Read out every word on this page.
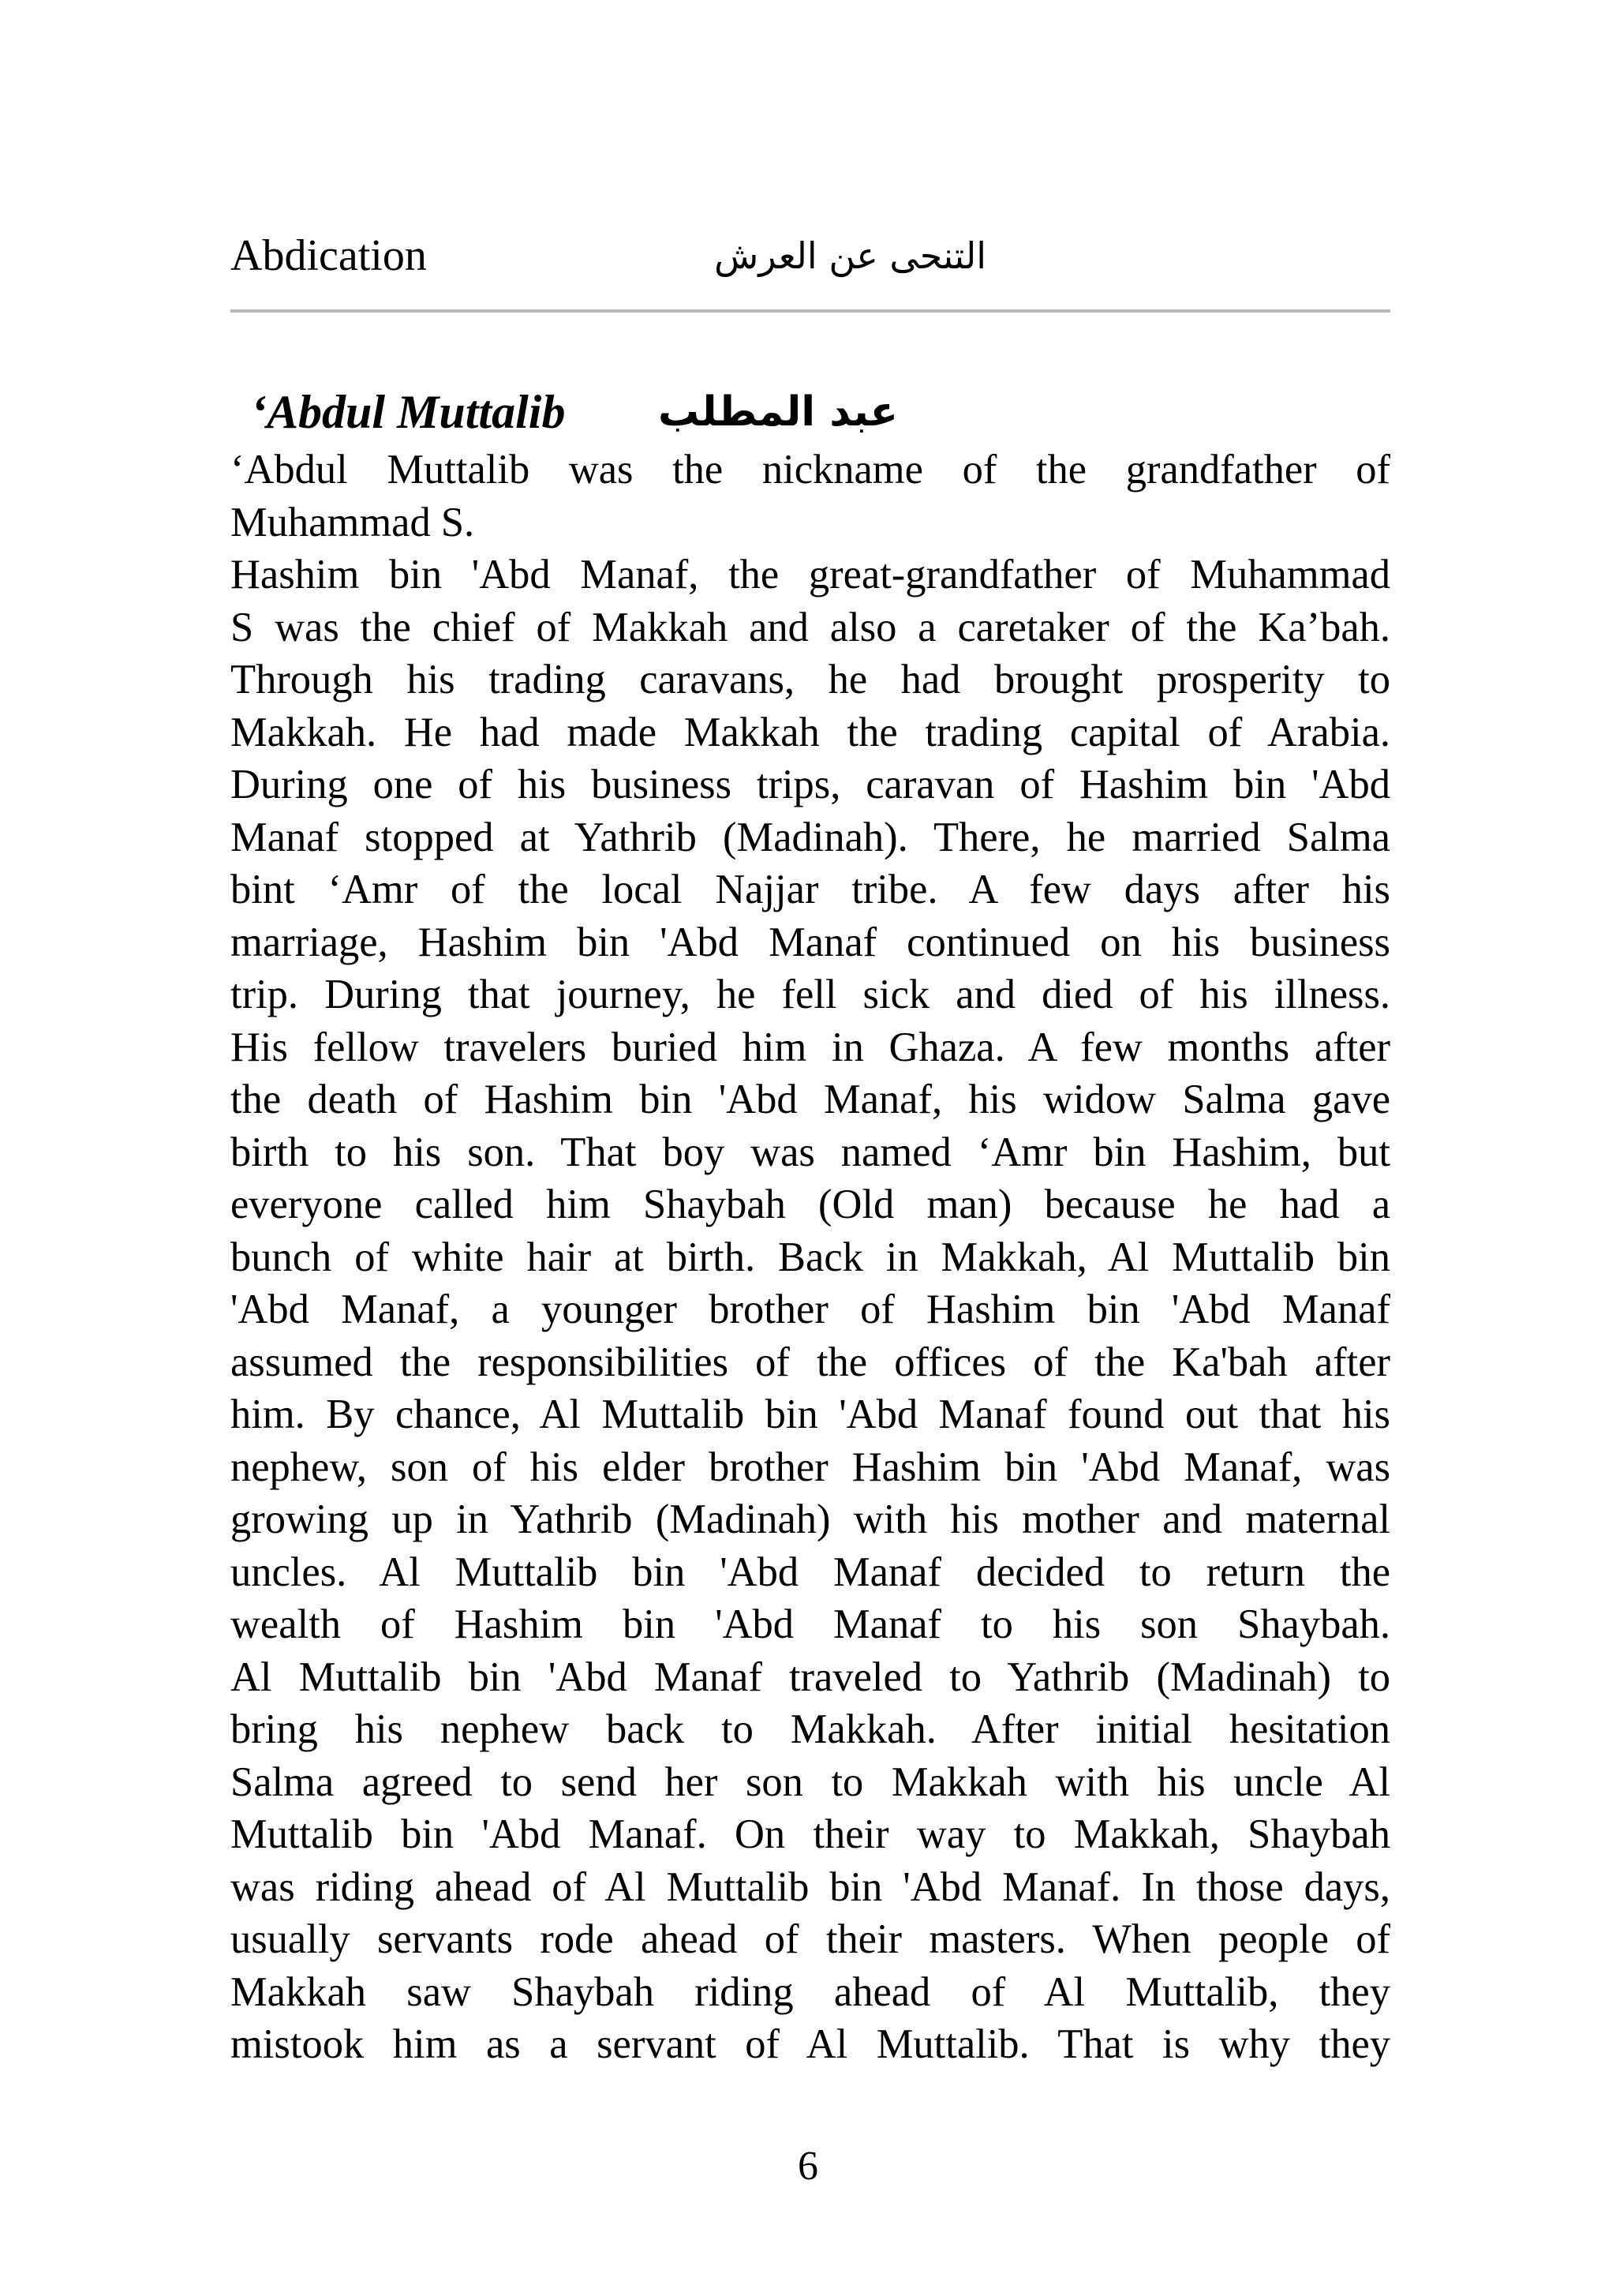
Abdication	التنحى عن العرش
‘Abdul Muttalib عبد المطلب
‘Abdul Muttalib was the nickname of the grandfather of
Muhammad S.
Hashim bin 'Abd Manaf, the great-grandfather of Muhammad
S was the chief of Makkah and also a caretaker of the Ka’bah.
Through his trading caravans, he had brought prosperity to
Makkah. He had made Makkah the trading capital of Arabia.
During one of his business trips, caravan of Hashim bin 'Abd
Manaf stopped at Yathrib (Madinah). There, he married Salma
bint ‘Amr of the local Najjar tribe. A few days after his
marriage, Hashim bin 'Abd Manaf continued on his business
trip. During that journey, he fell sick and died of his illness.
His fellow travelers buried him in Ghaza. A few months after
the death of Hashim bin 'Abd Manaf, his widow Salma gave
birth to his son. That boy was named ‘Amr bin Hashim, but
everyone called him Shaybah (Old man) because he had a
bunch of white hair at birth. Back in Makkah, Al Muttalib bin
'Abd Manaf, a younger brother of Hashim bin 'Abd Manaf
assumed the responsibilities of the offices of the Ka'bah after
him. By chance, Al Muttalib bin 'Abd Manaf found out that his
nephew, son of his elder brother Hashim bin 'Abd Manaf, was
growing up in Yathrib (Madinah) with his mother and maternal
uncles. Al Muttalib bin 'Abd Manaf decided to return the
wealth of Hashim bin 'Abd Manaf to his son Shaybah.
Al Muttalib bin 'Abd Manaf traveled to Yathrib (Madinah) to
bring his nephew back to Makkah. After initial hesitation
Salma agreed to send her son to Makkah with his uncle Al
Muttalib bin 'Abd Manaf. On their way to Makkah, Shaybah
was riding ahead of Al Muttalib bin 'Abd Manaf. In those days,
usually servants rode ahead of their masters. When people of
Makkah saw Shaybah riding ahead of Al Muttalib, they
mistook him as a servant of Al Muttalib. That is why they
6
